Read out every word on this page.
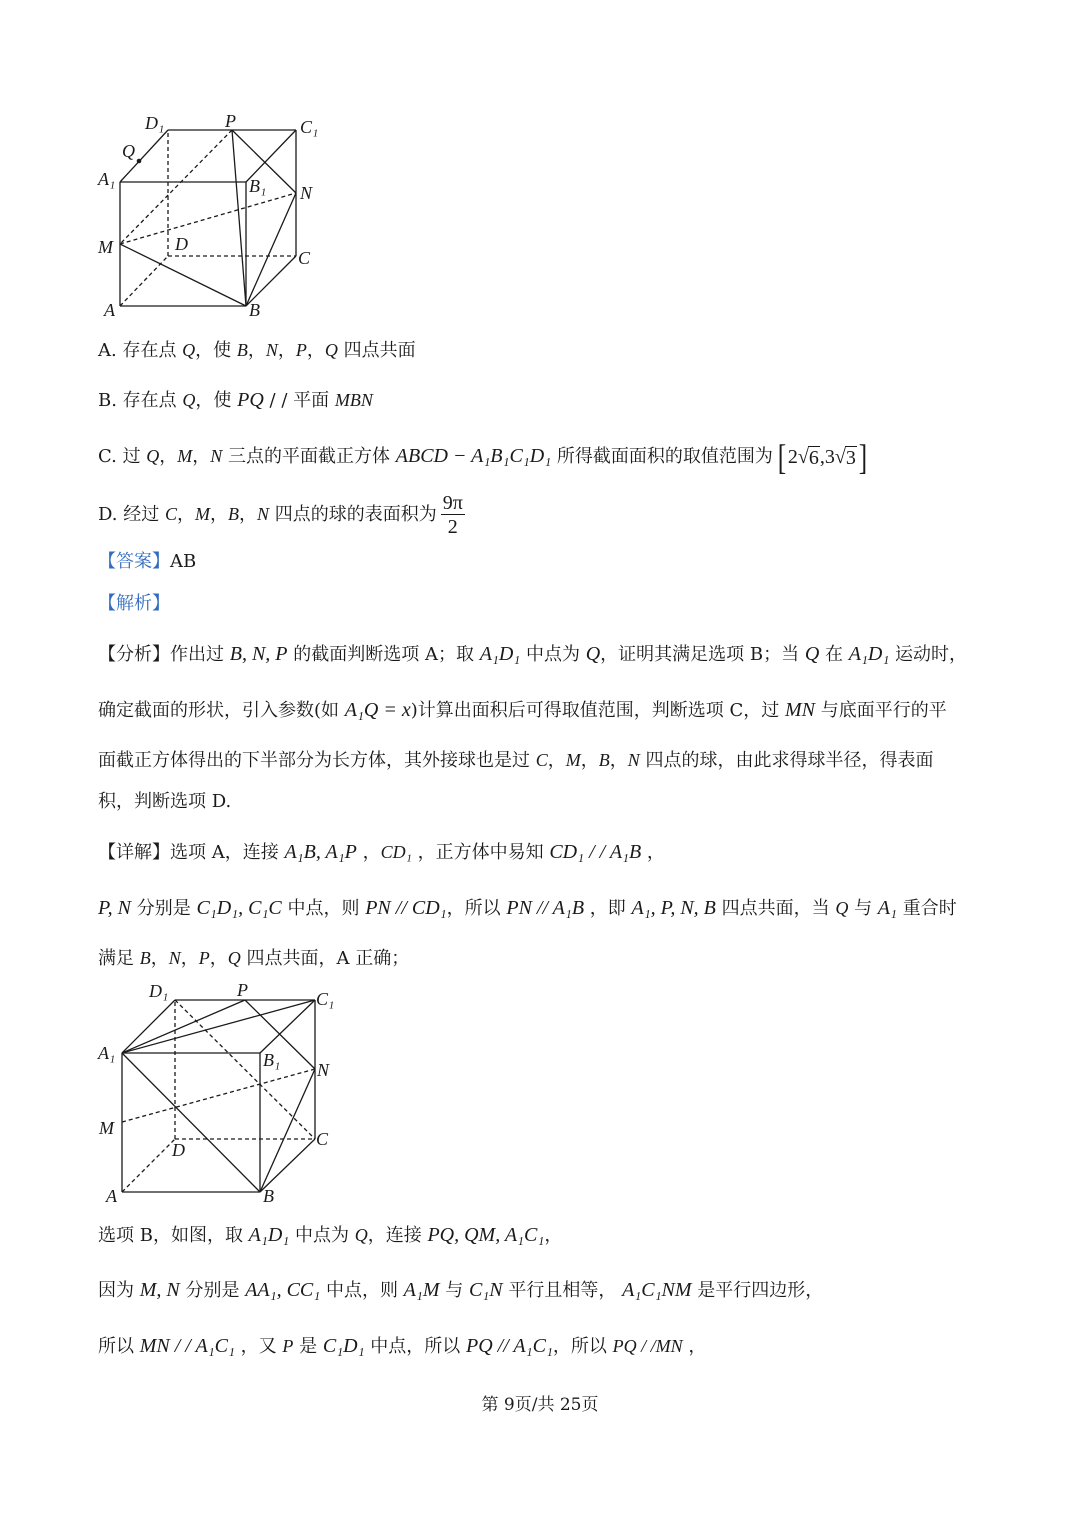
D₁	P	C₁
Q
A₁	B₁ N
M	D
C
A	B
A. 存在点 Q，使 B，N，P，Q 四点共面
B. 存在点 Q，使 PQ / / 平面 MBN
C. 过 Q，M，N 三点的平面截正方体 ABCD − A₁B₁C₁D₁ 所得截面面积的取值范围为 [2√6,3√3]
D. 经过 C，M，B，N 四点的球的表面积为 $\frac{9\pi}{2}$
【答案】AB
【解析】
【分析】作出过 B, N, P 的截面判断选项 A；取 A₁D₁ 中点为 Q，证明其满足选项 B；当 Q 在 A₁D₁ 运动时，
确定截面的形状，引入参数(如 A₁Q = x)计算出面积后可得取值范围，判断选项 C，过 MN 与底面平行的平
面截正方体得出的下半部分为长方体，其外接球也是过 C，M，B，N 四点的球，由此求得球半径，得表面
积，判断选项 D.
【详解】选项 A，连接 A₁B, A₁P ，CD₁ ，正方体中易知 CD₁ / / A₁B ，
P, N 分别是 C₁D₁, C₁C 中点，则 PN // CD₁，所以 PN // A₁B ，即 A₁, P, N, B 四点共面，当 Q 与 A₁ 重合时
满足 B，N，P，Q 四点共面，A 正确；
D₁	P	C₁
A₁	B₁ N
M
D
C
A	B
选项 B，如图，取 A₁D₁ 中点为 Q，连接 PQ, QM, A₁C₁，
因为 M, N 分别是 AA₁, CC₁ 中点，则 A₁M 与 C₁N 平行且相等， A₁C₁NM 是平行四边形，
所以 MN / / A₁C₁ ，又 P 是 C₁D₁ 中点，所以 PQ // A₁C₁，所以 PQ / /MN ，
第 9页/共 25页
